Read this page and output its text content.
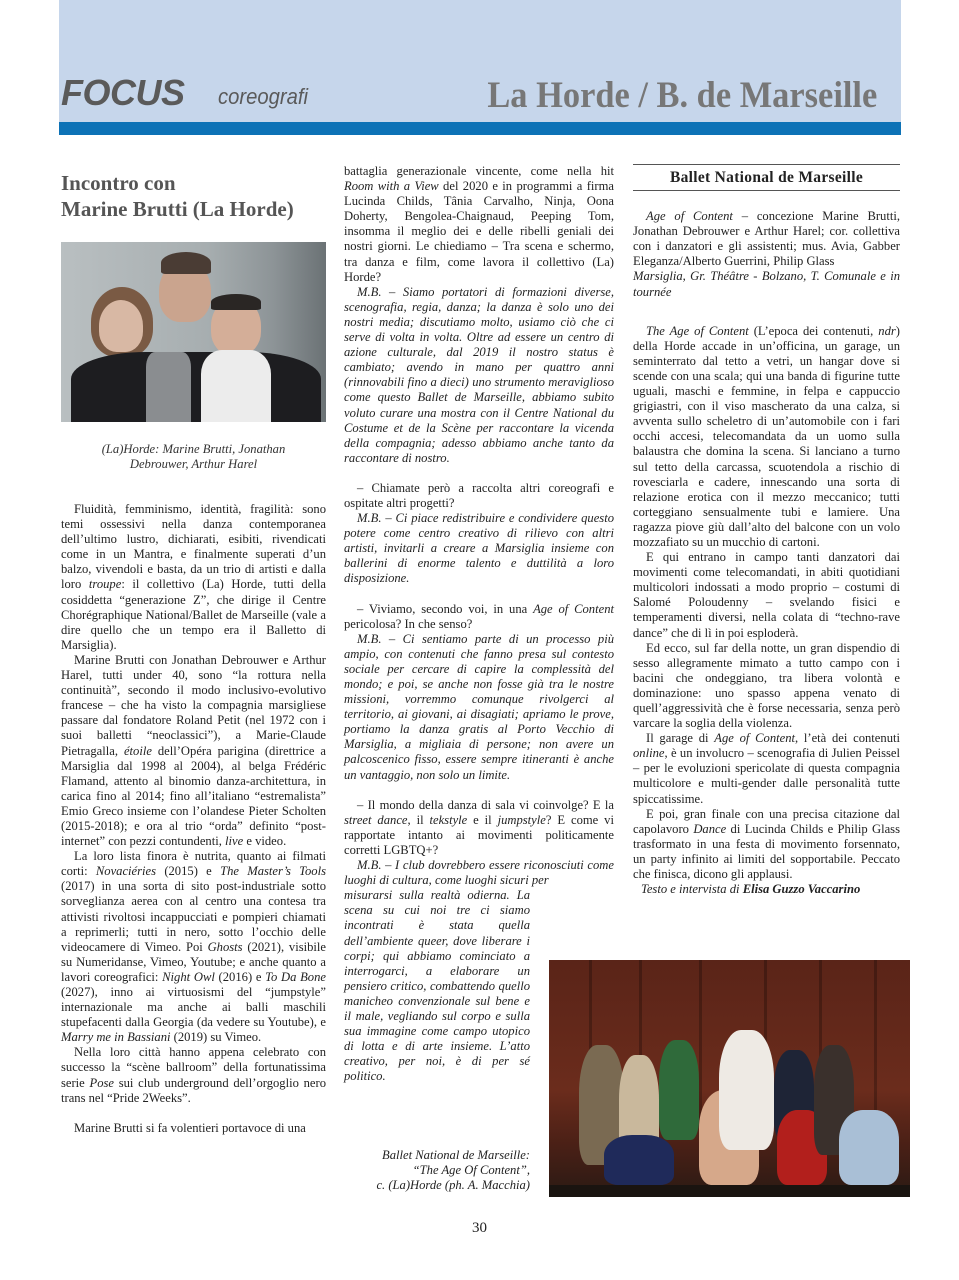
FOCUS coreografi	La Horde / B. de Marseille
Incontro con
Marine Brutti (La Horde)
(La)Horde: Marine Brutti, Jonathan
Debrouwer, Arthur Harel

Fluidità, femminismo, identità, fragilità: sono temi ossessivi nella danza contemporanea dell’ultimo lustro, dichiarati, esibiti, rivendicati come in un Mantra, e finalmente superati d’un balzo, vivendoli e basta, da un trio di artisti e dalla loro troupe: il collettivo (La) Horde, tutti della cosiddetta “generazione Z”, che dirige il Centre Chorégraphique National/Ballet de Marseille (vale a dire quello che un tempo era il Balletto di Marsiglia).

Marine Brutti con Jonathan Debrouwer e Arthur Harel, tutti under 40, sono “la rottura nella continuità”, secondo il modo inclusivo-evolutivo francese – che ha visto la compagnia marsigliese passare dal fondatore Roland Petit (nel 1972 con i suoi balletti “neoclassici”), a Marie-Claude Pietragalla, étoile dell’Opéra parigina (direttrice a Marsiglia dal 1998 al 2004), al belga Frédéric Flamand, attento al binomio danza-architettura, in carica fino al 2014; fino all’italiano “estremalista” Emio Greco insieme con l’olandese Pieter Scholten (2015-2018); e ora al trio “orda” definito “post-internet” con pezzi contundenti, live e video.

La loro lista finora è nutrita, quanto ai filmati corti: Novaciéries (2015) e The Master’s Tools (2017) in una sorta di sito post-industriale sotto sorveglianza aerea con al centro una contesa tra attivisti rivoltosi incappucciati e pompieri chiamati a reprimerli; tutti in nero, sotto l’occhio delle videocamere di Vimeo. Poi Ghosts (2021), visibile su Numeridanse, Vimeo, Youtube; e anche quanto a lavori coreografici: Night Owl (2016) e To Da Bone (2027), inno ai virtuosismi del “jumpstyle” internazionale ma anche ai balli maschili stupefacenti dalla Georgia (da vedere su Youtube), e Marry me in Bassiani (2019) su Vimeo.

Nella loro città hanno appena celebrato con successo la “scène ballroom” della fortunatissima serie Pose sui club underground dell’orgoglio nero trans nel “Pride 2Weeks”.

Marine Brutti si fa volentieri portavoce di una

battaglia generazionale vincente, come nella hit Room with a View del 2020 e in programmi a firma Lucinda Childs, Tânia Carvalho, Ninja, Oona Doherty, Bengolea-Chaignaud, Peeping Tom, insomma il meglio dei e delle ribelli geniali dei nostri giorni. Le chiediamo – Tra scena e schermo, tra danza e film, come lavora il collettivo (La) Horde?

M.B. – Siamo portatori di formazioni diverse, scenografia, regia, danza; la danza è solo uno dei nostri media; discutiamo molto, usiamo ciò che ci serve di volta in volta. Oltre ad essere un centro di azione culturale, dal 2019 il nostro status è cambiato; avendo in mano per quattro anni (rinnovabili fino a dieci) uno strumento meraviglioso come questo Ballet de Marseille, abbiamo subito voluto curare una mostra con il Centre National du Costume et de la Scène per raccontare la vicenda della compagnia; adesso abbiamo anche tanto da raccontare di nostro.

– Chiamate però a raccolta altri coreografi e ospitate altri progetti?

M.B. – Ci piace redistribuire e condividere questo potere come centro creativo di rilievo con altri artisti, invitarli a creare a Marsiglia insieme con ballerini di enorme talento e duttilità a loro disposizione.

– Viviamo, secondo voi, in una Age of Content pericolosa? In che senso?

M.B. – Ci sentiamo parte di un processo più ampio, con contenuti che fanno presa sul contesto sociale per cercare di capire la complessità del mondo; e poi, se anche non fosse già tra le nostre missioni, vorremmo comunque rivolgerci al territorio, ai giovani, ai disagiati; apriamo le prove, portiamo la danza gratis al Porto Vecchio di Marsiglia, a migliaia di persone; non avere un palcoscenico fisso, essere sempre itineranti è anche un vantaggio, non solo un limite.

– Il mondo della danza di sala vi coinvolge? E la street dance, il tekstyle e il jumpstyle? E come vi rapportate intanto ai movimenti politicamente corretti LGBTQ+?

M.B. – I club dovrebbero essere riconosciuti come luoghi di cultura, come luoghi sicuri per

misurarsi sulla realtà odierna. La scena su cui noi tre ci siamo incontrati è stata quella dell’ambiente queer, dove liberare i corpi; qui abbiamo cominciato a interrogarci, a elaborare un pensiero critico, combattendo quello manicheo convenzionale sul bene e il male, vegliando sul corpo e sulla sua immagine come campo utopico di lotta e di arte insieme. L’atto creativo, per noi, è di per sé politico.

Ballet National de Marseille:
“The Age Of Content”,
c. (La)Horde (ph. A. Macchia)
Ballet National de Marseille

Age of Content – concezione Marine Brutti, Jonathan Debrouwer e Arthur Harel; cor. collettiva con i danzatori e gli assistenti; mus. Avia, Gabber Eleganza/Alberto Guerrini, Philip Glass
Marsiglia, Gr. Théâtre - Bolzano, T. Comunale e in tournée

The Age of Content (L’epoca dei contenuti, ndr) della Horde accade in un’officina, un garage, un seminterrato dal tetto a vetri, un hangar dove si scende con una scala; qui una banda di figurine tutte uguali, maschi e femmine, in felpa e cappuccio grigiastri, con il viso mascherato da una calza, si avventa sullo scheletro di un’automobile con i fari occhi accesi, telecomandata da un uomo sulla balaustra che domina la scena. Si lanciano a turno sul tetto della carcassa, scuotendola a rischio di rovesciarla e cadere, innescando una sorta di relazione erotica con il mezzo meccanico; tutti corteggiano sensualmente tubi e lamiere. Una ragazza piove giù dall’alto del balcone con un volo mozzafiato su un mucchio di cartoni.

E qui entrano in campo tanti danzatori dai movimenti come telecomandati, in abiti quotidiani multicolori indossati a modo proprio – costumi di Salomé Poloudenny – svelando fisici e temperamenti diversi, nella colata di “techno-rave dance” che di lì in poi esploderà.

Ed ecco, sul far della notte, un gran dispendio di sesso allegramente mimato a tutto campo con i bacini che ondeggiano, tra libera volontà e dominazione: uno spasso appena venato di quell’aggressività che è forse necessaria, senza però varcare la soglia della violenza.

Il garage di Age of Content, l’età dei contenuti online, è un involucro – scenografia di Julien Peissel – per le evoluzioni spericolate di questa compagnia multicolore e multi-gender dalle personalità tutte spiccatissime.

E poi, gran finale con una precisa citazione dal capolavoro Dance di Lucinda Childs e Philip Glass trasformato in una festa di movimento forsennato, un party infinito ai limiti del sopportabile. Peccato che finisca, dicono gli applausi.

Testo e intervista di Elisa Guzzo Vaccarino

30
